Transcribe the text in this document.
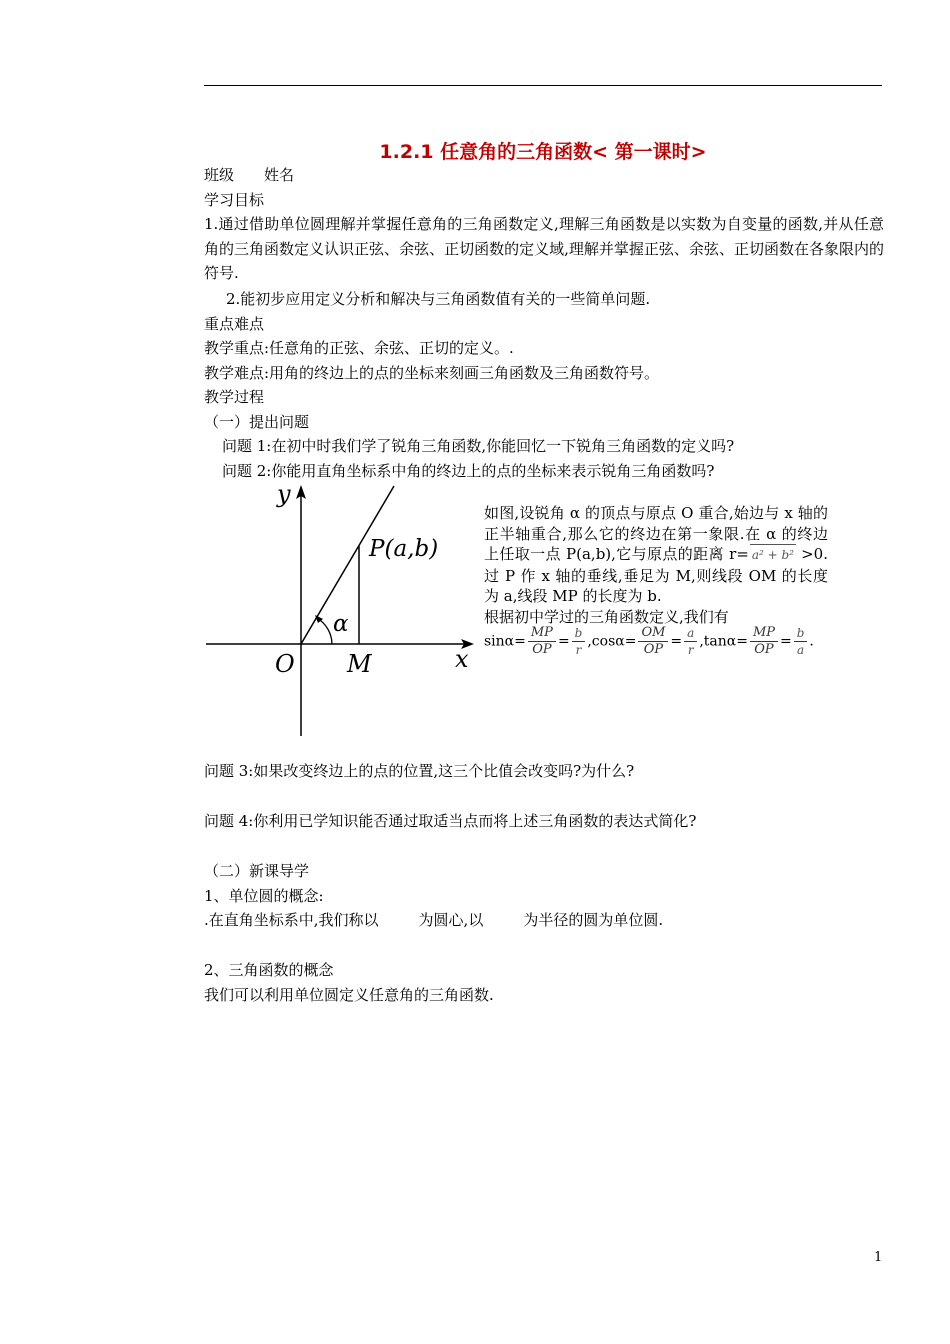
1.2.1 任意角的三角函数< 第一课时>
班级 姓名
学习目标
1.通过借助单位圆理解并掌握任意角的三角函数定义,理解三角函数是以实数为自变量的函数,并从任意角的三角函数定义认识正弦、余弦、正切函数的定义域,理解并掌握正弦、余弦、正切函数在各象限内的符号.
2.能初步应用定义分析和解决与三角函数值有关的一些简单问题.
重点难点
教学重点:任意角的正弦、余弦、正切的定义。.
教学难点:用角的终边上的点的坐标来刻画三角函数及三角函数符号。
教学过程
（一）提出问题
问题 1:在初中时我们学了锐角三角函数,你能回忆一下锐角三角函数的定义吗?
问题 2:你能用直角坐标系中角的终边上的点的坐标来表示锐角三角函数吗?
y
x
O M
P(a,b)
α
如图,设锐角 α 的顶点与原点 O 重合,始边与 x 轴的正半轴重合,那么它的终边在第一象限.在 α 的终边上任取一点 P(a,b),它与原点的距离 r= a² + b² >0.过 P 作 x 轴的垂线,垂足为 M,则线段 OM 的长度为 a,线段 MP 的长度为 b.
根据初中学过的三角函数定义,我们有
$\sin\alpha= \frac{MP}{OP} = \frac{b}{r} ,\cos\alpha= \frac{OM}{OP} = \frac{a}{r} ,\tan\alpha= \frac{MP}{OP} = \frac{b}{a}$ .
问题 3:如果改变终边上的点的位置,这三个比值会改变吗?为什么?
问题 4:你利用已学知识能否通过取适当点而将上述三角函数的表达式简化?
（二）新课导学
1、单位圆的概念:
.在直角坐标系中,我们称以	为圆心,以	为半径的圆为单位圆.
2、三角函数的概念
我们可以利用单位圆定义任意角的三角函数.
1
